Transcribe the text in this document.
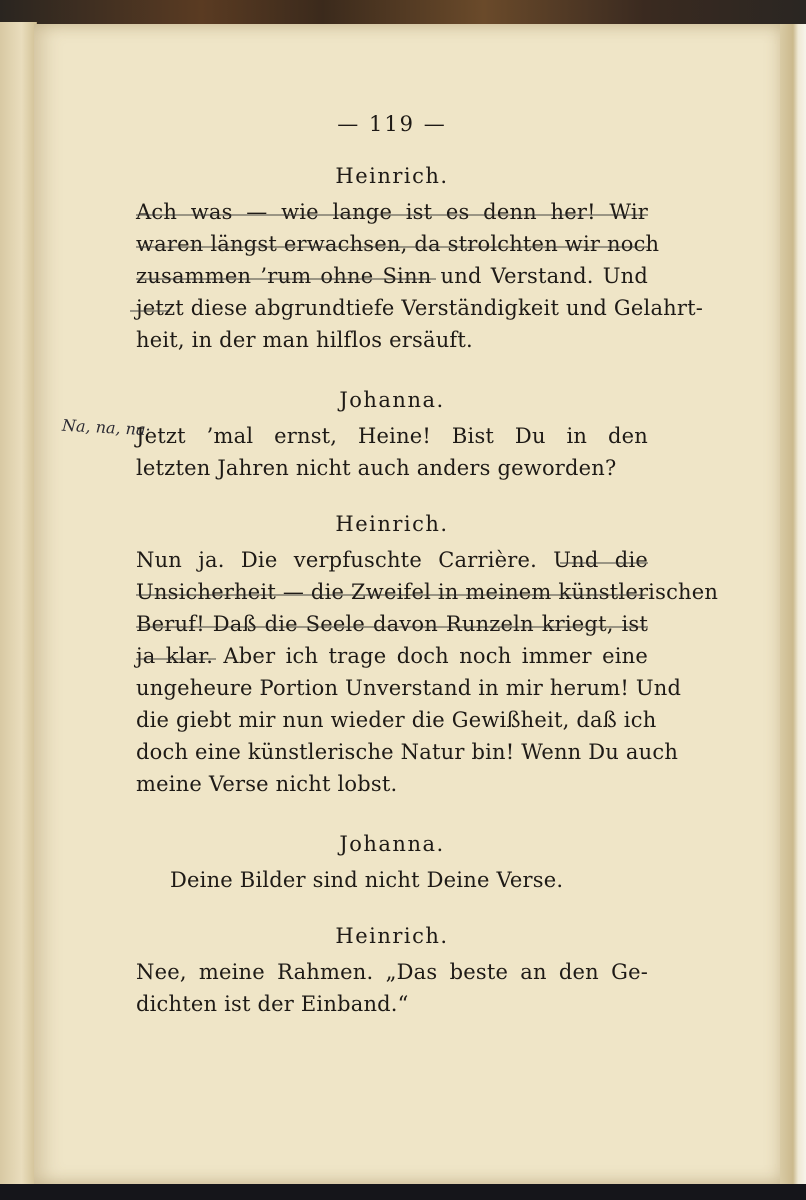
— 119 —
Heinrich.
Ach was — wie lange ist es denn her! Wir
waren längst erwachsen, da strolchten wir noch
zusammen ’rum ohne Sinn und Verstand. Und
jetzt diese abgrundtiefe Verständigkeit und Gelahrt-
heit, in der man hilflos ersäuft.
Johanna.
Na, na, na·
Jetzt ’mal ernst, Heine! Bist Du in den
letzten Jahren nicht auch anders geworden?
Heinrich.
Nun ja. Die verpfuschte Carrière. Und die
Unsicherheit — die Zweifel in meinem künstlerischen
Beruf! Daß die Seele davon Runzeln kriegt, ist
ja klar. Aber ich trage doch noch immer eine
ungeheure Portion Unverstand in mir herum! Und
die giebt mir nun wieder die Gewißheit, daß ich
doch eine künstlerische Natur bin! Wenn Du auch
meine Verse nicht lobst.
Johanna.
Deine Bilder sind nicht Deine Verse.
Heinrich.
Nee, meine Rahmen. „Das beste an den Ge-
dichten ist der Einband.“
